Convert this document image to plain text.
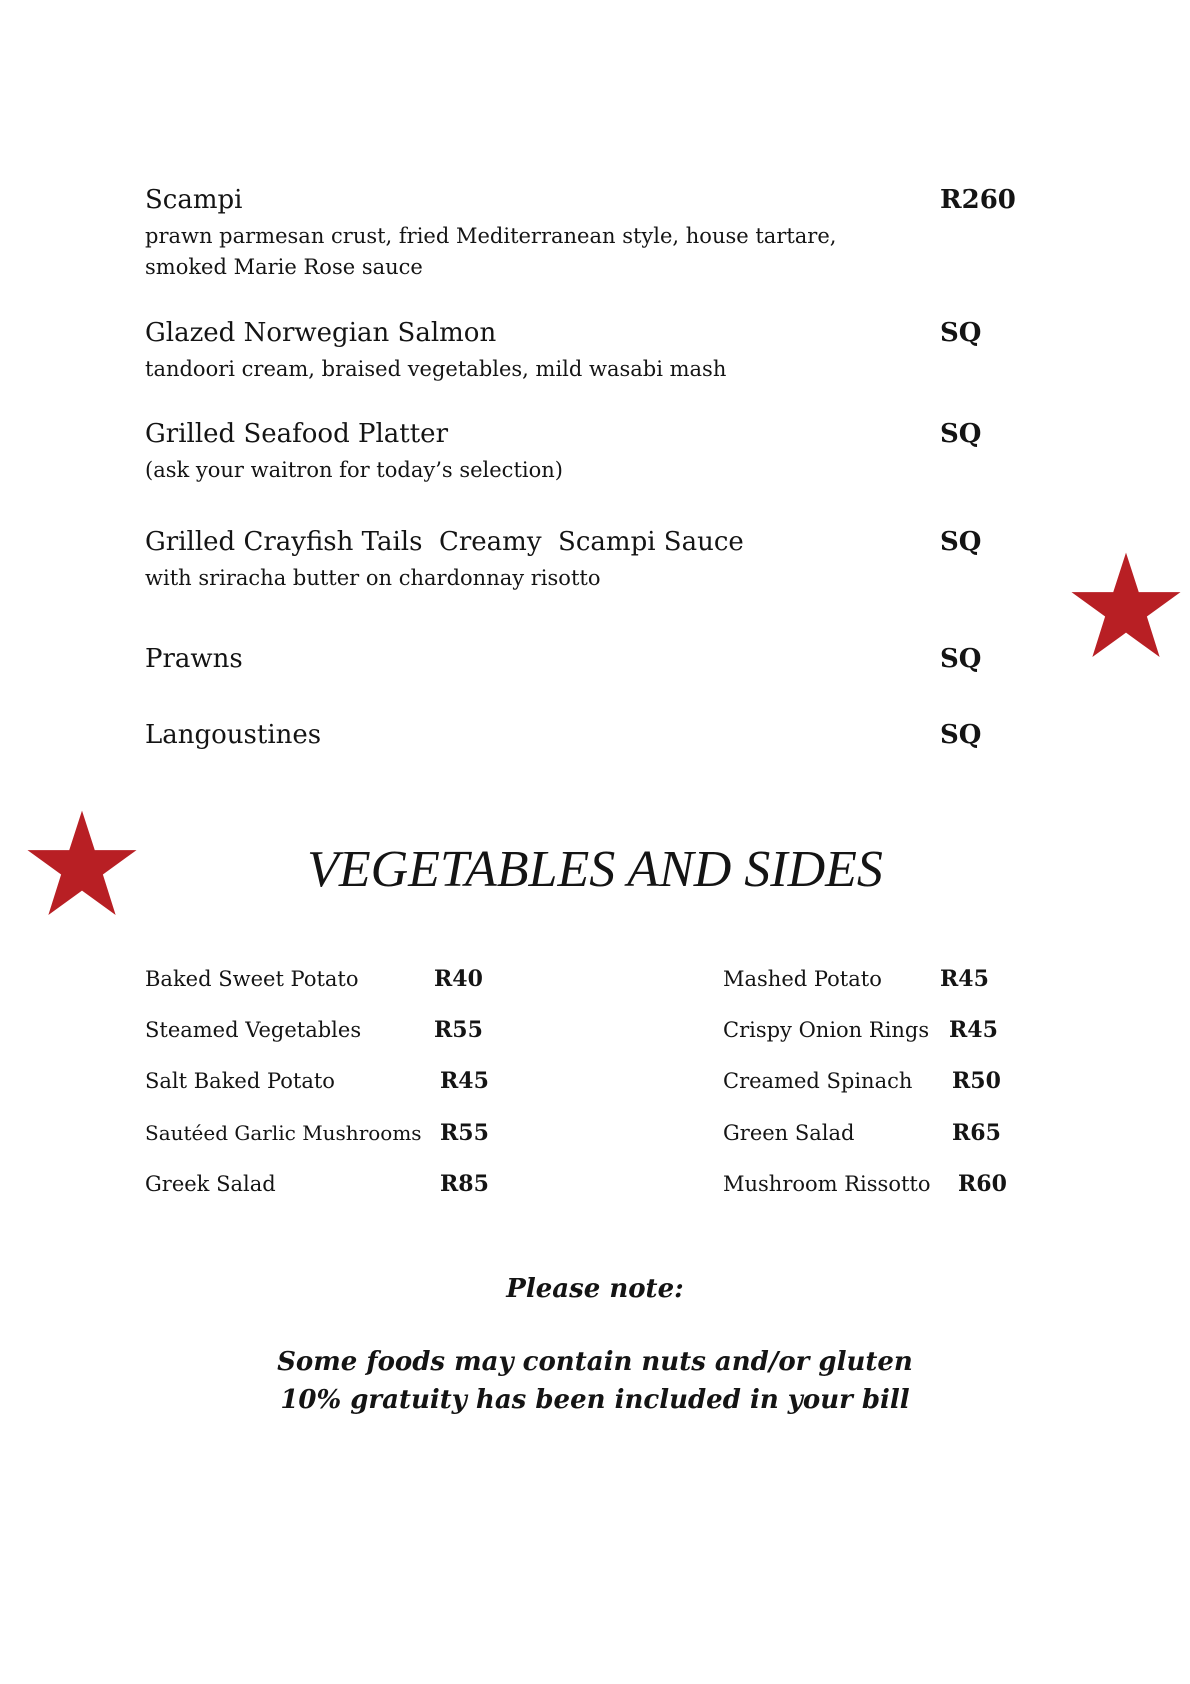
Scampi	R260
prawn parmesan crust, fried Mediterranean style, house tartare,
smoked Marie Rose sauce
Glazed Norwegian Salmon	SQ
tandoori cream, braised vegetables, mild wasabi mash
Grilled Seafood Platter	SQ
(ask your waitron for today’s selection)
Grilled Crayfish Tails  Creamy  Scampi Sauce	SQ
with sriracha butter on chardonnay risotto
Prawns	SQ
Langoustines	SQ
VEGETABLES AND SIDES
Baked Sweet Potato	R40
Steamed Vegetables	R55
Salt Baked Potato	R45
Sautéed Garlic Mushrooms R55
Greek Salad	R85
Mashed Potato	R45
Crispy Onion Rings R45
Creamed Spinach R50
Green Salad	R65
Mushroom Rissotto R60
Please note:
Some foods may contain nuts and/or gluten
10% gratuity has been included in your bill
